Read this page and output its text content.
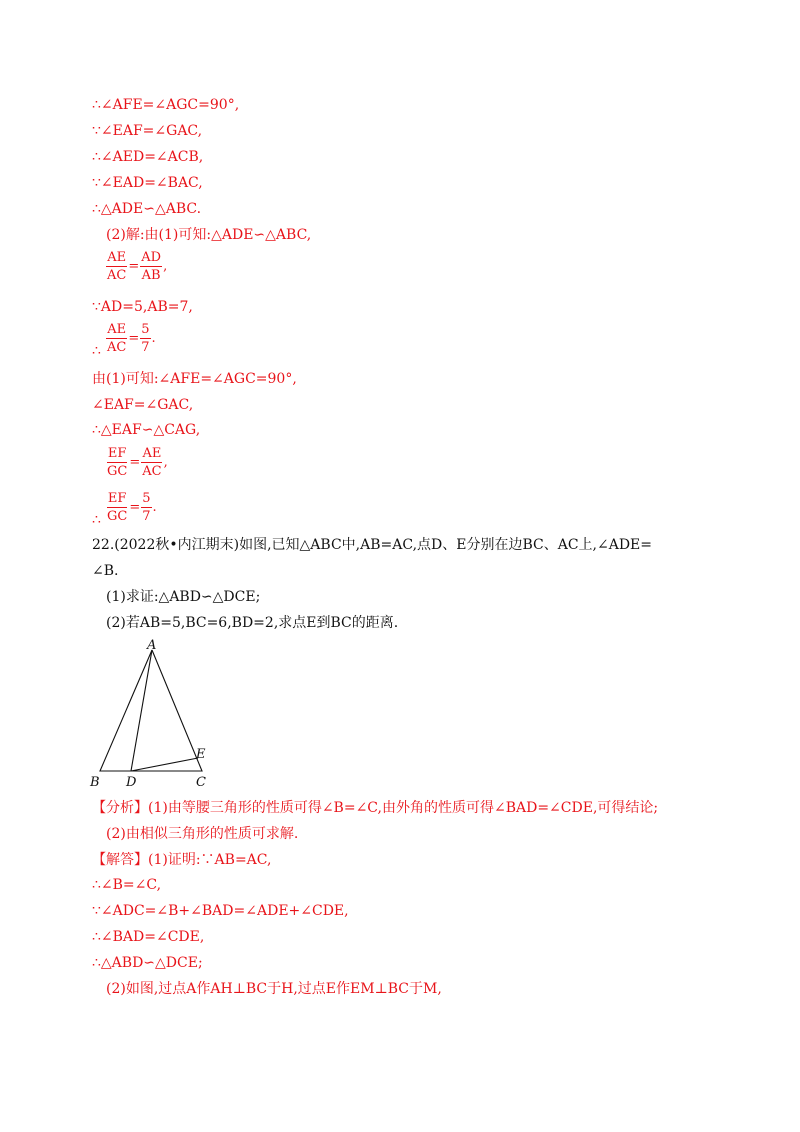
∴∠AFE=∠AGC=90°,
∵∠EAF=∠GAC,
∴∠AED=∠ACB,
∵∠EAD=∠BAC,
∴△ADE∽△ABC.
(2)解:由(1)可知:△ADE∽△ABC,
$\frac{AE}{AC} = \frac{AD}{AB}$ ,
∵AD=5,AB=7,
∴ $\frac{AE}{AC} = \frac{5}{7}$ .
由(1)可知:∠AFE=∠AGC=90°,
∠EAF=∠GAC,
∴△EAF∽△CAG,
$\frac{EF}{GC} = \frac{AE}{AC}$ ,
∴ $\frac{EF}{GC} = \frac{5}{7}$ .
22.(2022秋•内江期末)如图,已知△ABC中,AB=AC,点D、E分别在边BC、AC上,∠ADE=
∠B.
(1)求证:△ABD∽△DCE;
(2)若AB=5,BC=6,BD=2,求点E到BC的距离.
A
B	C
D
E
【分析】(1)由等腰三角形的性质可得∠B=∠C,由外角的性质可得∠BAD=∠CDE,可得结论;
(2)由相似三角形的性质可求解.
【解答】(1)证明:∵AB=AC,
∴∠B=∠C,
∵∠ADC=∠B+∠BAD=∠ADE+∠CDE,
∴∠BAD=∠CDE,
∴△ABD∽△DCE;
(2)如图,过点A作AH⊥BC于H,过点E作EM⊥BC于M,
